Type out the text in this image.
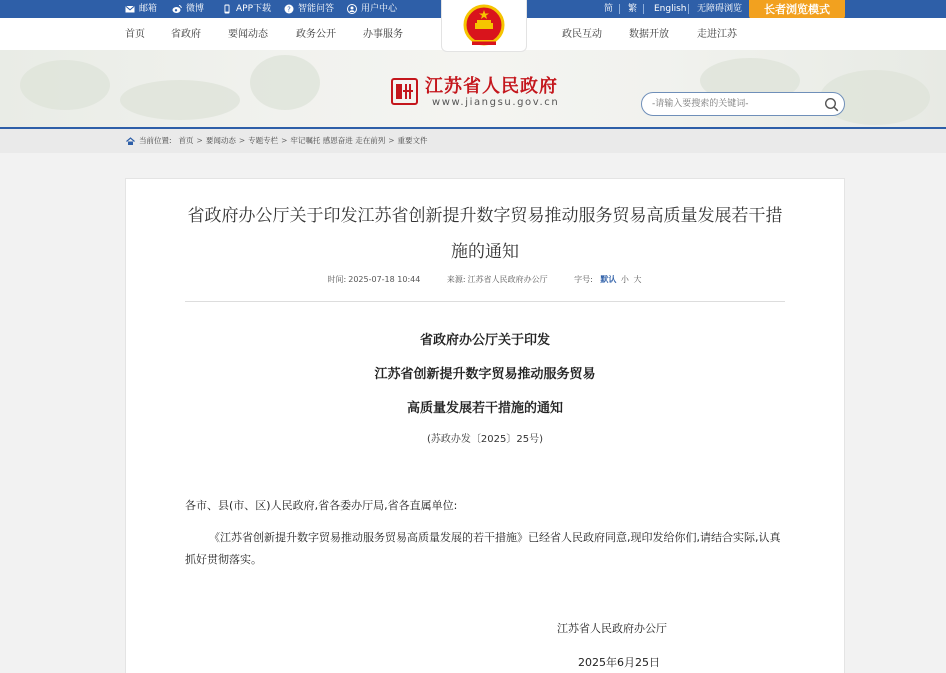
邮箱	微博	APP下载 ? 智能问答	用户中心	简 繁 English 无障碍浏览	长者浏览模式
首页	省政府	要闻动态	政务公开	办事服务	政民互动	数据开放	走进江苏
江苏省人民政府
www.jiangsu.gov.cn
-请输入要搜索的关键词-
当前位置: 首页 > 要闻动态 > 专题专栏 > 牢记嘱托 感恩奋进 走在前列 > 重要文件
省政府办公厅关于印发江苏省创新提升数字贸易推动服务贸易高质量发展若干措施的通知
时间: 2025-07-18 10:44	来源: 江苏省人民政府办公厅	字号: 默认 小 大
省政府办公厅关于印发
江苏省创新提升数字贸易推动服务贸易
高质量发展若干措施的通知
(苏政办发〔2025〕25号)
各市、县(市、区)人民政府,省各委办厅局,省各直属单位:
《江苏省创新提升数字贸易推动服务贸易高质量发展的若干措施》已经省人民政府同意,现印发给你们,请结合实际,认真抓好贯彻落实。
江苏省人民政府办公厅
2025年6月25日
